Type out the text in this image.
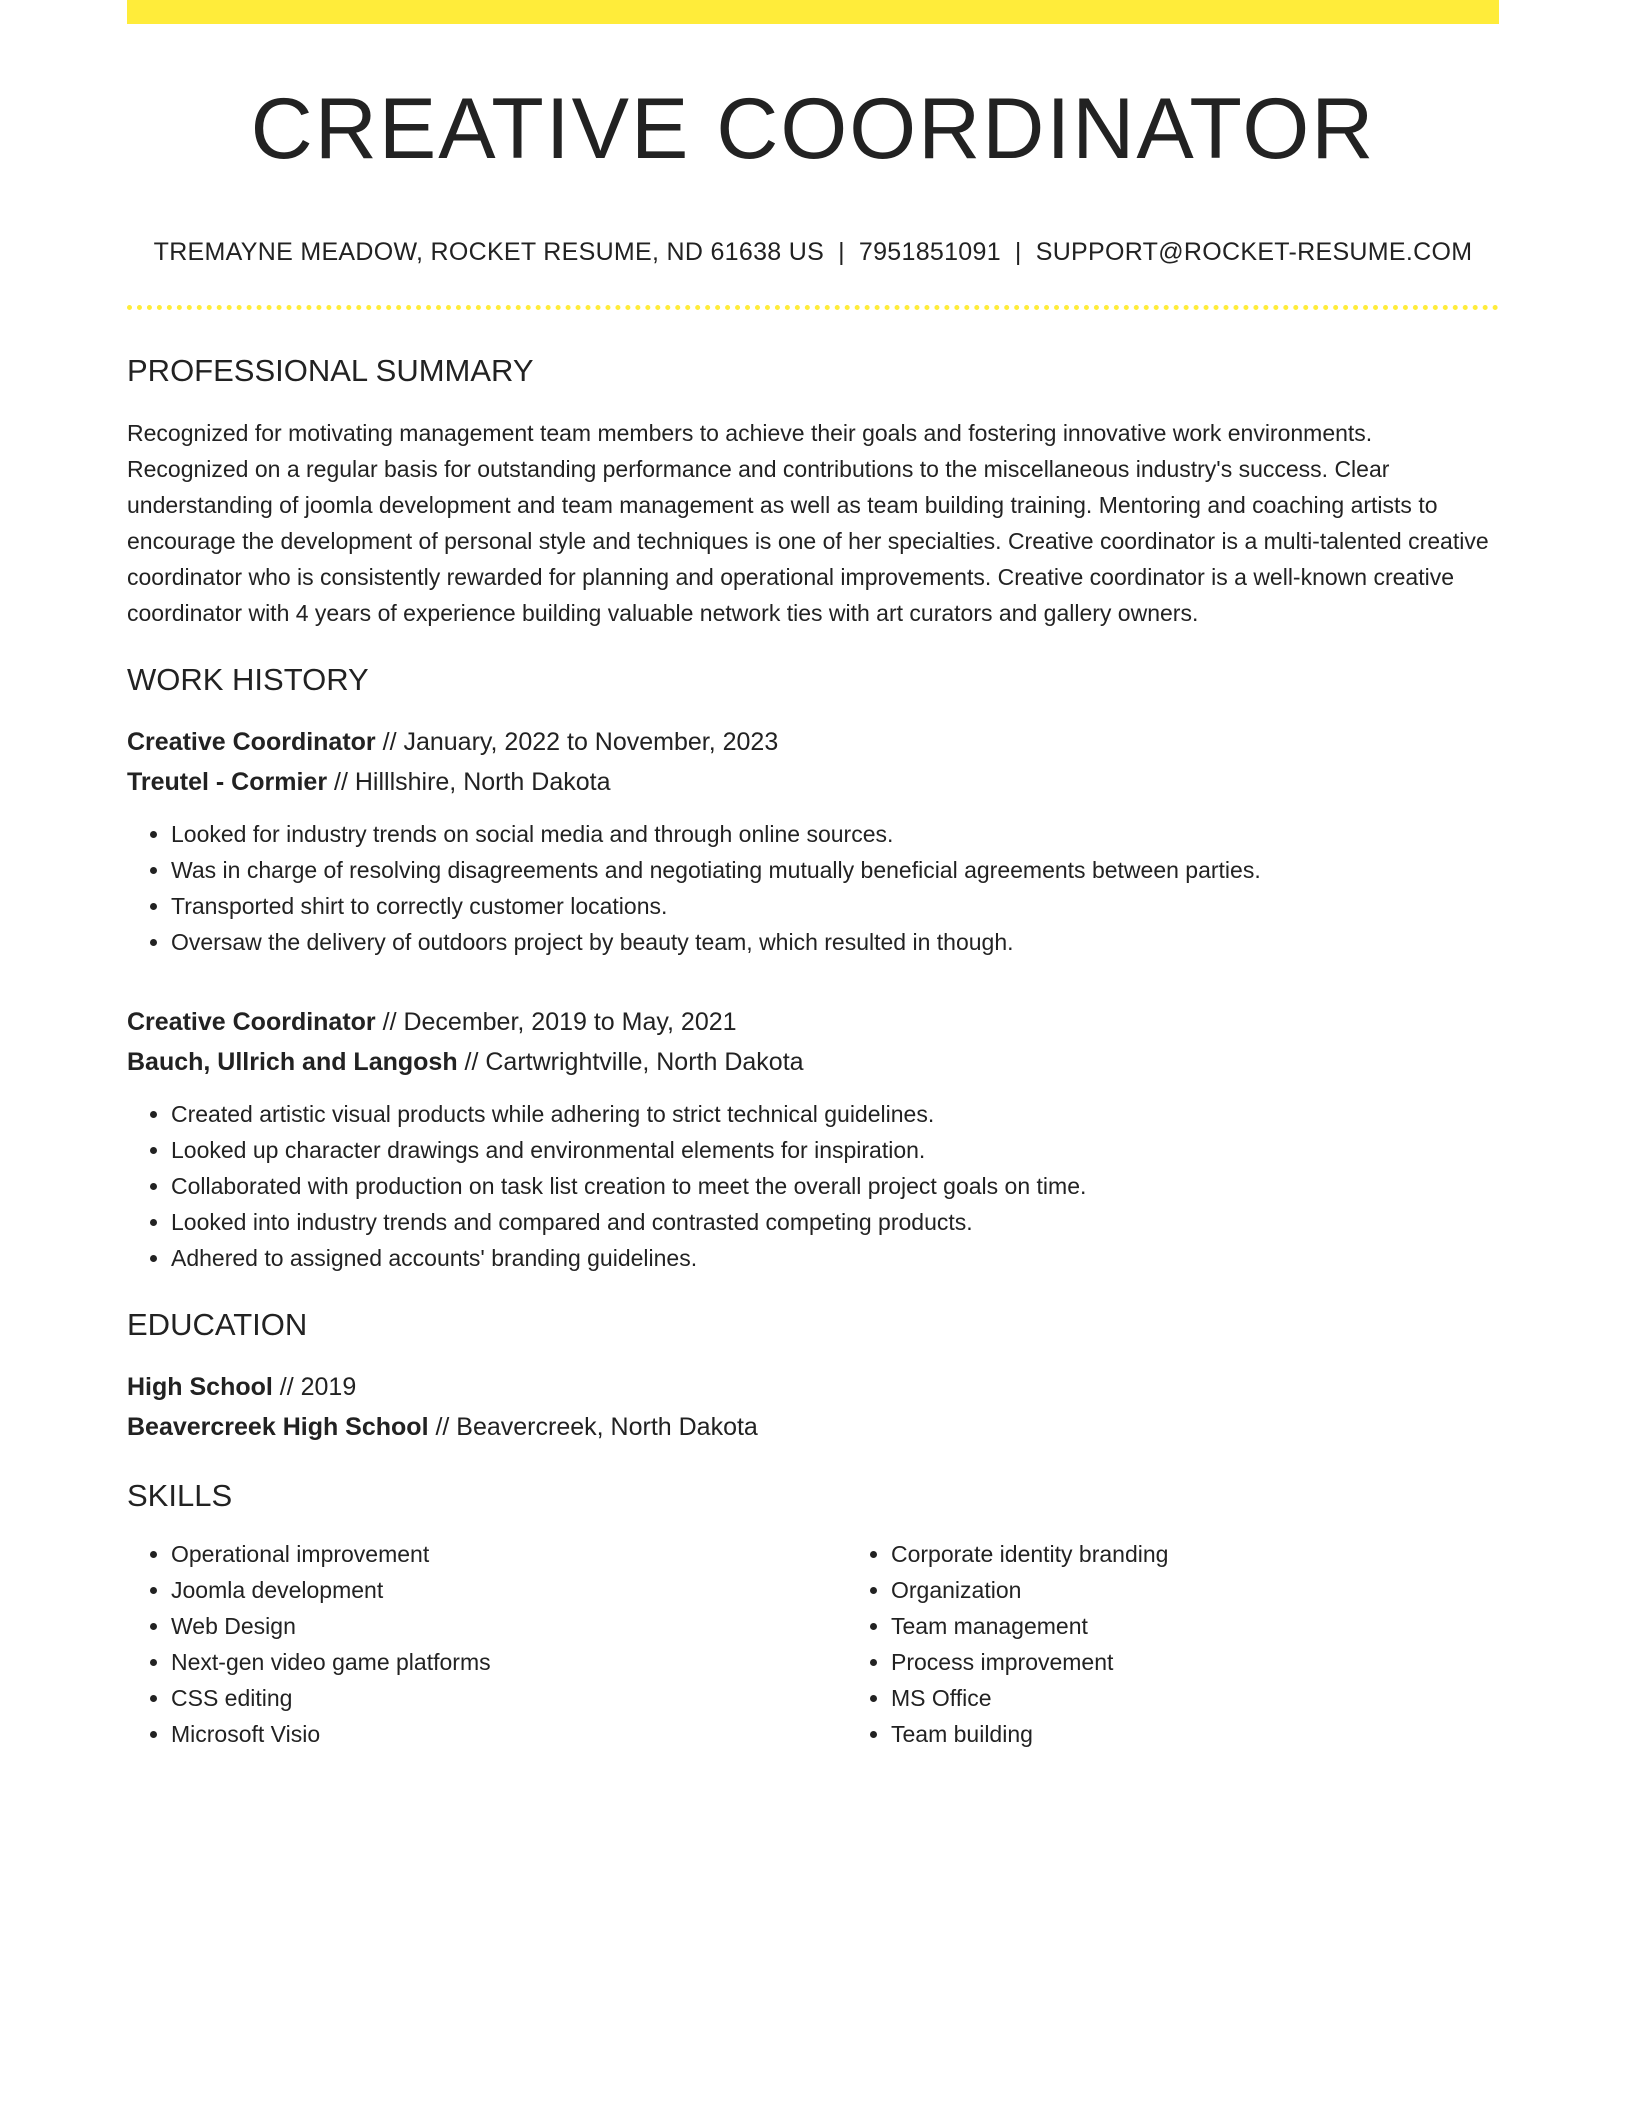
CREATIVE COORDINATOR
TREMAYNE MEADOW, ROCKET RESUME, ND 61638 US | 7951851091 | SUPPORT@ROCKET-RESUME.COM
PROFESSIONAL SUMMARY

Recognized for motivating management team members to achieve their goals and fostering innovative work environments. Recognized on a regular basis for outstanding performance and contributions to the miscellaneous industry's success. Clear understanding of joomla development and team management as well as team building training. Mentoring and coaching artists to encourage the development of personal style and techniques is one of her specialties. Creative coordinator is a multi-talented creative coordinator who is consistently rewarded for planning and operational improvements. Creative coordinator is a well-known creative coordinator with 4 years of experience building valuable network ties with art curators and gallery owners.

WORK HISTORY
Creative Coordinator // January, 2022 to November, 2023
Treutel - Cormier // Hilllshire, North Dakota
• Looked for industry trends on social media and through online sources.
• Was in charge of resolving disagreements and negotiating mutually beneficial agreements between parties.
• Transported shirt to correctly customer locations.
• Oversaw the delivery of outdoors project by beauty team, which resulted in though.
Creative Coordinator // December, 2019 to May, 2021
Bauch, Ullrich and Langosh // Cartwrightville, North Dakota
• Created artistic visual products while adhering to strict technical guidelines.
• Looked up character drawings and environmental elements for inspiration.
• Collaborated with production on task list creation to meet the overall project goals on time.
• Looked into industry trends and compared and contrasted competing products.
• Adhered to assigned accounts' branding guidelines.
EDUCATION
High School // 2019
Beavercreek High School // Beavercreek, North Dakota
SKILLS
• Operational improvement
• Joomla development
• Web Design
• Next-gen video game platforms
• CSS editing
• Microsoft Visio
• Corporate identity branding
• Organization
• Team management
• Process improvement
• MS Office
• Team building
